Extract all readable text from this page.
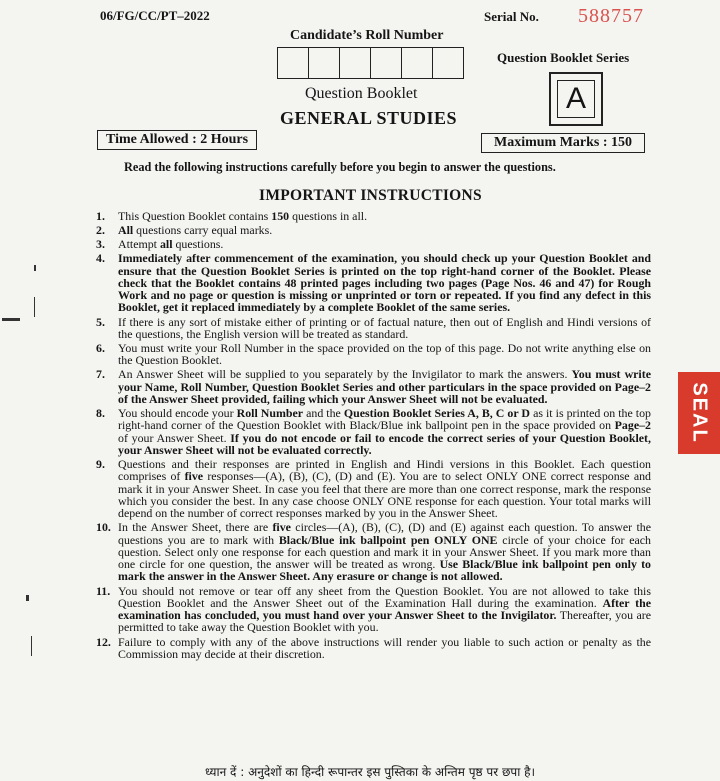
06/FG/CC/PT–2022	Serial No. 588757
Candidate’s Roll Number
Question Booklet Series
A
Question Booklet
GENERAL STUDIES
Time Allowed : 2 Hours	Maximum Marks : 150
Read the following instructions carefully before you begin to answer the questions.
IMPORTANT INSTRUCTIONS
1. This Question Booklet contains 150 questions in all.
2. All questions carry equal marks.
3. Attempt all questions.
4. Immediately after commencement of the examination, you should check up your Question Booklet and ensure that the Question Booklet Series is printed on the top right-hand corner of the Booklet. Please check that the Booklet contains 48 printed pages including two pages (Page Nos. 46 and 47) for Rough Work and no page or question is missing or unprinted or torn or repeated. If you find any defect in this Booklet, get it replaced immediately by a complete Booklet of the same series.
5. If there is any sort of mistake either of printing or of factual nature, then out of English and Hindi versions of the questions, the English version will be treated as standard.
6. You must write your Roll Number in the space provided on the top of this page. Do not write anything else on the Question Booklet.
7. An Answer Sheet will be supplied to you separately by the Invigilator to mark the answers. You must write your Name, Roll Number, Question Booklet Series and other particulars in the space provided on Page–2 of the Answer Sheet provided, failing which your Answer Sheet will not be evaluated.
8. You should encode your Roll Number and the Question Booklet Series A, B, C or D as it is printed on the top right-hand corner of the Question Booklet with Black/Blue ink ballpoint pen in the space provided on Page–2 of your Answer Sheet. If you do not encode or fail to encode the correct series of your Question Booklet, your Answer Sheet will not be evaluated correctly.
9. Questions and their responses are printed in English and Hindi versions in this Booklet. Each question comprises of five responses—(A), (B), (C), (D) and (E). You are to select ONLY ONE correct response and mark it in your Answer Sheet. In case you feel that there are more than one correct response, mark the response which you consider the best. In any case choose ONLY ONE response for each question. Your total marks will depend on the number of correct responses marked by you in the Answer Sheet.
10. In the Answer Sheet, there are five circles—(A), (B), (C), (D) and (E) against each question. To answer the questions you are to mark with Black/Blue ink ballpoint pen ONLY ONE circle of your choice for each question. Select only one response for each question and mark it in your Answer Sheet. If you mark more than one circle for one question, the answer will be treated as wrong. Use Black/Blue ink ballpoint pen only to mark the answer in the Answer Sheet. Any erasure or change is not allowed.
11. You should not remove or tear off any sheet from the Question Booklet. You are not allowed to take this Question Booklet and the Answer Sheet out of the Examination Hall during the examination. After the examination has concluded, you must hand over your Answer Sheet to the Invigilator. Thereafter, you are permitted to take away the Question Booklet with you.
12. Failure to comply with any of the above instructions will render you liable to such action or penalty as the Commission may decide at their discretion.
ध्यान दें : अनुदेशों का हिन्दी रूपान्तर इस पुस्तिका के अन्तिम पृष्ठ पर छपा है।
SEAL
